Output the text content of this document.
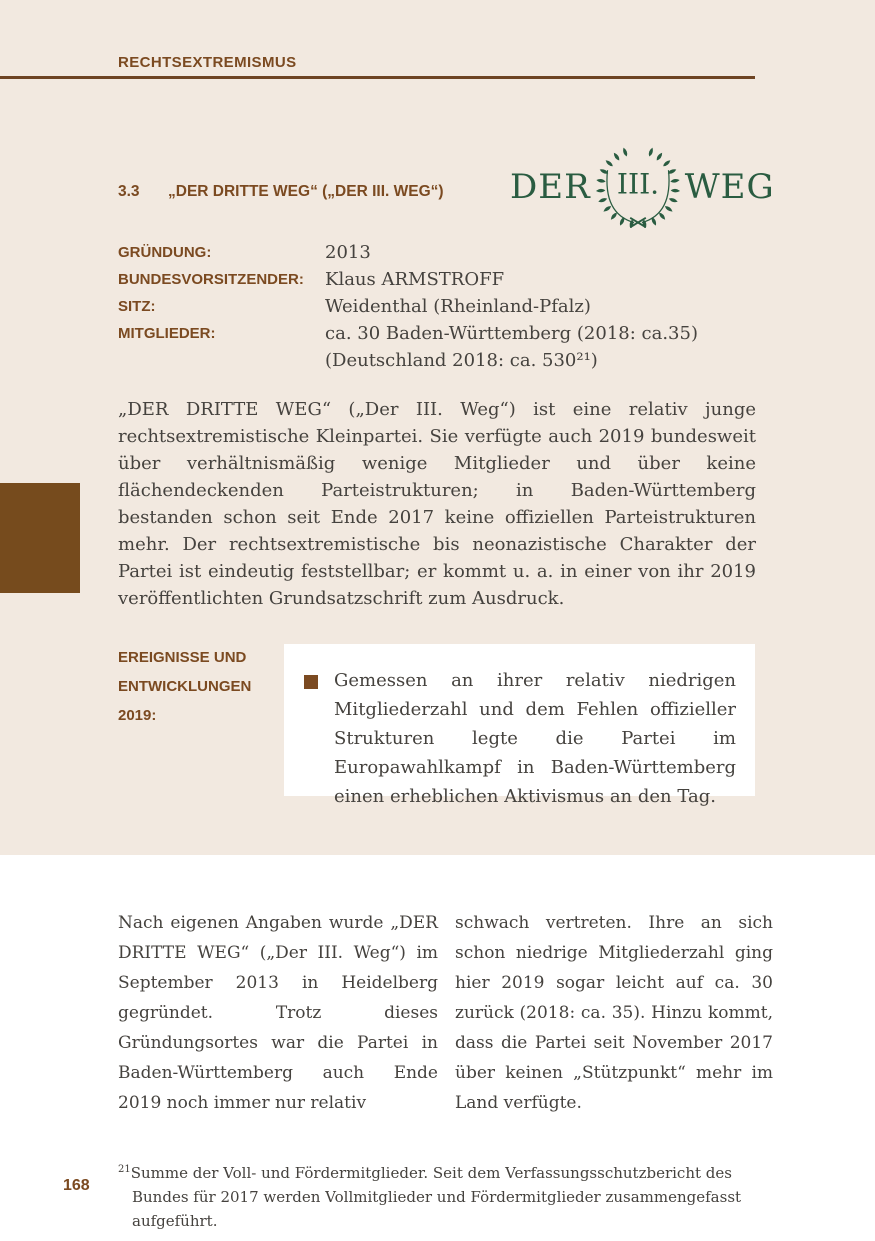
RECHTSEXTREMISMUS
3.3 „DER DRITTE WEG“ („DER III. WEG“) DER III. WEG
GRÜNDUNG:	2013
BUNDESVORSITZENDER:	Klaus ARMSTROFF
SITZ:	Weidenthal (Rheinland-Pfalz)
MITGLIEDER:	ca. 30 Baden-Württemberg (2018: ca.35)
(Deutschland 2018: ca. 530²¹)
„DER DRITTE WEG“ („Der III. Weg“) ist eine relativ junge rechtsextremistische Kleinpartei. Sie verfügte auch 2019 bundesweit über verhältnismäßig wenige Mitglieder und über keine flächendeckenden Parteistrukturen; in Baden-Württemberg bestanden schon seit Ende 2017 keine offiziellen Parteistrukturen mehr. Der rechtsextremistische bis neonazistische Charakter der Partei ist eindeutig feststellbar; er kommt u. a. in einer von ihr 2019 veröffentlichten Grundsatzschrift zum Ausdruck.
EREIGNISSE UND
ENTWICKLUNGEN
2019:
Gemessen an ihrer relativ niedrigen Mitgliederzahl und dem Fehlen offizieller Strukturen legte die Partei im Europawahlkampf in Baden-Württemberg einen erheblichen Aktivismus an den Tag.
Nach eigenen Angaben wurde „DER DRITTE WEG“ („Der III. Weg“) im September 2013 in Heidelberg gegründet. Trotz dieses Gründungsortes war die Partei in Baden-Württemberg auch Ende 2019 noch immer nur relativ
schwach vertreten. Ihre an sich schon niedrige Mitgliederzahl ging hier 2019 sogar leicht auf ca. 30 zurück (2018: ca. 35). Hinzu kommt, dass die Partei seit November 2017 über keinen „Stützpunkt“ mehr im Land verfügte.
$^{21}$Summe der Voll- und Fördermitglieder. Seit dem Verfassungsschutzbericht des Bundes für 2017 werden Vollmitglieder und Fördermitglieder zusammengefasst aufgeführt.
168
